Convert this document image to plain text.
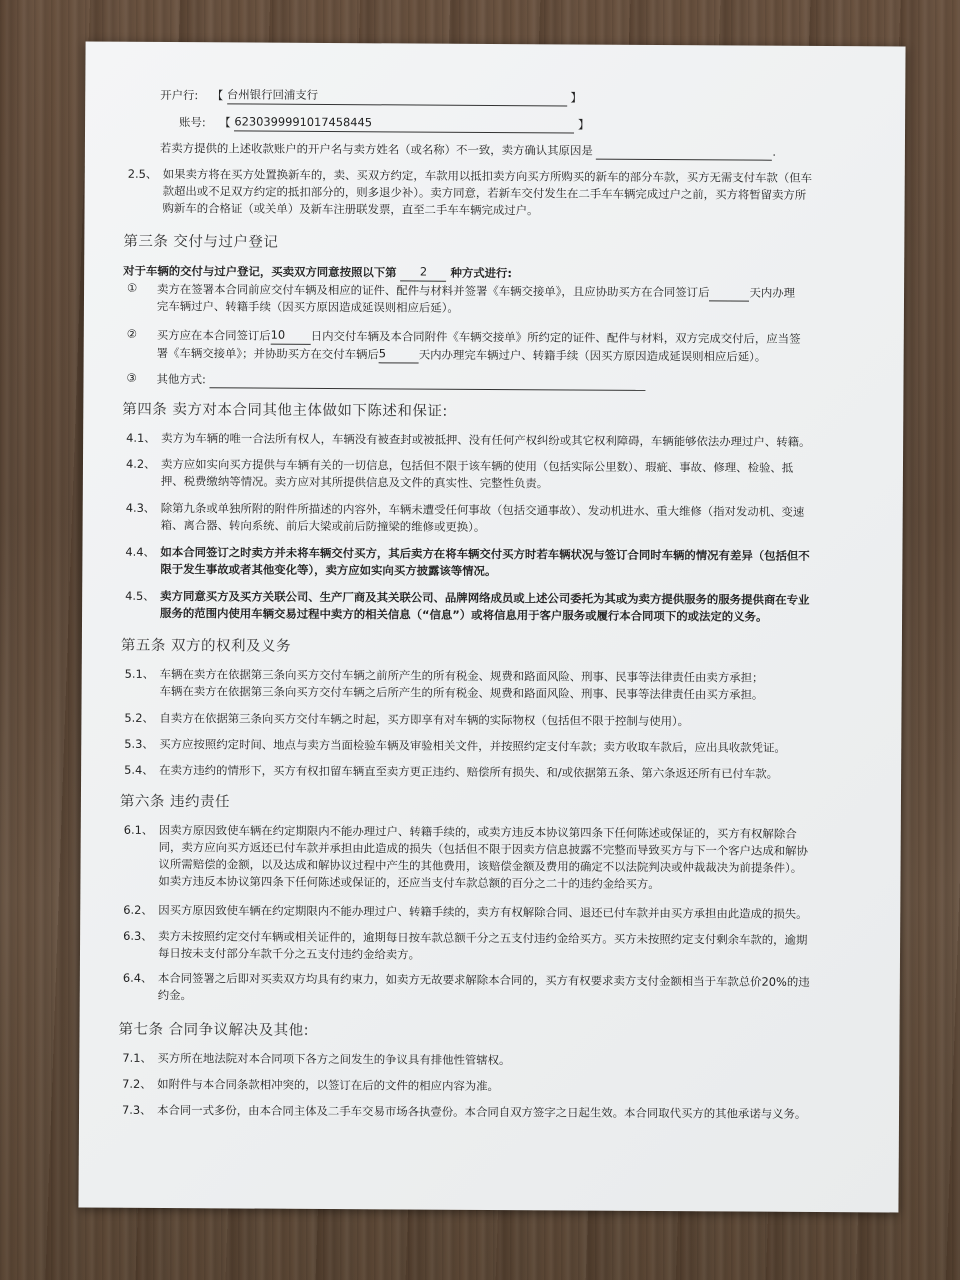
开户行: 【 台州银行回浦支行	】
账号: 【 6230399991017458445	】
若卖方提供的上述收款账户的开户名与卖方姓名（或名称）不一致，卖方确认其原因是	.
2.5、 如果卖方将在买方处置换新车的，卖、买双方约定，车款用以抵扣卖方向买方所购买的新车的部分车款，买方无需支付车款（但车
款超出或不足双方约定的抵扣部分的，则多退少补）。卖方同意，若新车交付发生在二手车车辆完成过户之前，买方将暂留卖方所
购新车的合格证（或关单）及新车注册联发票，直至二手车车辆完成过户。
第三条 交付与过户登记
对于车辆的交付与过户登记，买卖双方同意按照以下第 2 种方式进行:
① 卖方在签署本合同前应交付车辆及相应的证件、配件与材料并签署《车辆交接单》，且应协助买方在合同签订后	天内办理
完车辆过户、转籍手续（因买方原因造成延误则相应后延）。
② 买方应在本合同签订后10 日内交付车辆及本合同附件《车辆交接单》所约定的证件、配件与材料，双方完成交付后，应当签
署《车辆交接单》；并协助买方在交付车辆后5	天内办理完车辆过户、转籍手续（因买方原因造成延误则相应后延）。
③ 其他方式:
第四条 卖方对本合同其他主体做如下陈述和保证:
4.1、 卖方为车辆的唯一合法所有权人，车辆没有被查封或被抵押、没有任何产权纠纷或其它权利障碍，车辆能够依法办理过户、转籍。
4.2、 卖方应如实向买方提供与车辆有关的一切信息，包括但不限于该车辆的使用（包括实际公里数）、瑕疵、事故、修理、检验、抵
押、税费缴纳等情况。卖方应对其所提供信息及文件的真实性、完整性负责。
4.3、 除第九条或单独所附的附件所描述的内容外，车辆未遭受任何事故（包括交通事故）、发动机进水、重大维修（指对发动机、变速
箱、离合器、转向系统、前后大梁或前后防撞梁的维修或更换）。
4.4、 如本合同签订之时卖方并未将车辆交付买方，其后卖方在将车辆交付买方时若车辆状况与签订合同时车辆的情况有差异（包括但不
限于发生事故或者其他变化等），卖方应如实向买方披露该等情况。
4.5、 卖方同意买方及买方关联公司、生产厂商及其关联公司、品牌网络成员或上述公司委托为其或为卖方提供服务的服务提供商在专业
服务的范围内使用车辆交易过程中卖方的相关信息（“信息”）或将信息用于客户服务或履行本合同项下的或法定的义务。
第五条 双方的权利及义务
5.1、 车辆在卖方在依据第三条向买方交付车辆之前所产生的所有税金、规费和路面风险、刑事、民事等法律责任由卖方承担；
车辆在卖方在依据第三条向买方交付车辆之后所产生的所有税金、规费和路面风险、刑事、民事等法律责任由买方承担。
5.2、 自卖方在依据第三条向买方交付车辆之时起，买方即享有对车辆的实际物权（包括但不限于控制与使用）。
5.3、 买方应按照约定时间、地点与卖方当面检验车辆及审验相关文件，并按照约定支付车款；卖方收取车款后，应出具收款凭证。
5.4、 在卖方违约的情形下，买方有权扣留车辆直至卖方更正违约、赔偿所有损失、和/或依据第五条、第六条返还所有已付车款。
第六条 违约责任
6.1、 因卖方原因致使车辆在约定期限内不能办理过户、转籍手续的，或卖方违反本协议第四条下任何陈述或保证的，买方有权解除合
同，卖方应向买方返还已付车款并承担由此造成的损失（包括但不限于因卖方信息披露不完整而导致买方与下一个客户达成和解协
议所需赔偿的金额，以及达成和解协议过程中产生的其他费用，该赔偿金额及费用的确定不以法院判决或仲裁裁决为前提条件）。
如卖方违反本协议第四条下任何陈述或保证的，还应当支付车款总额的百分之二十的违约金给买方。
6.2、 因买方原因致使车辆在约定期限内不能办理过户、转籍手续的，卖方有权解除合同、退还已付车款并由买方承担由此造成的损失。
6.3、 卖方未按照约定交付车辆或相关证件的，逾期每日按车款总额千分之五支付违约金给买方。买方未按照约定支付剩余车款的，逾期
每日按未支付部分车款千分之五支付违约金给卖方。
6.4、 本合同签署之后即对买卖双方均具有约束力，如卖方无故要求解除本合同的，买方有权要求卖方支付金额相当于车款总价20%的违
约金。
第七条 合同争议解决及其他:
7.1、 买方所在地法院对本合同项下各方之间发生的争议具有排他性管辖权。
7.2、 如附件与本合同条款相冲突的，以签订在后的文件的相应内容为准。
7.3、 本合同一式多份，由本合同主体及二手车交易市场各执壹份。本合同自双方签字之日起生效。本合同取代买方的其他承诺与义务。
